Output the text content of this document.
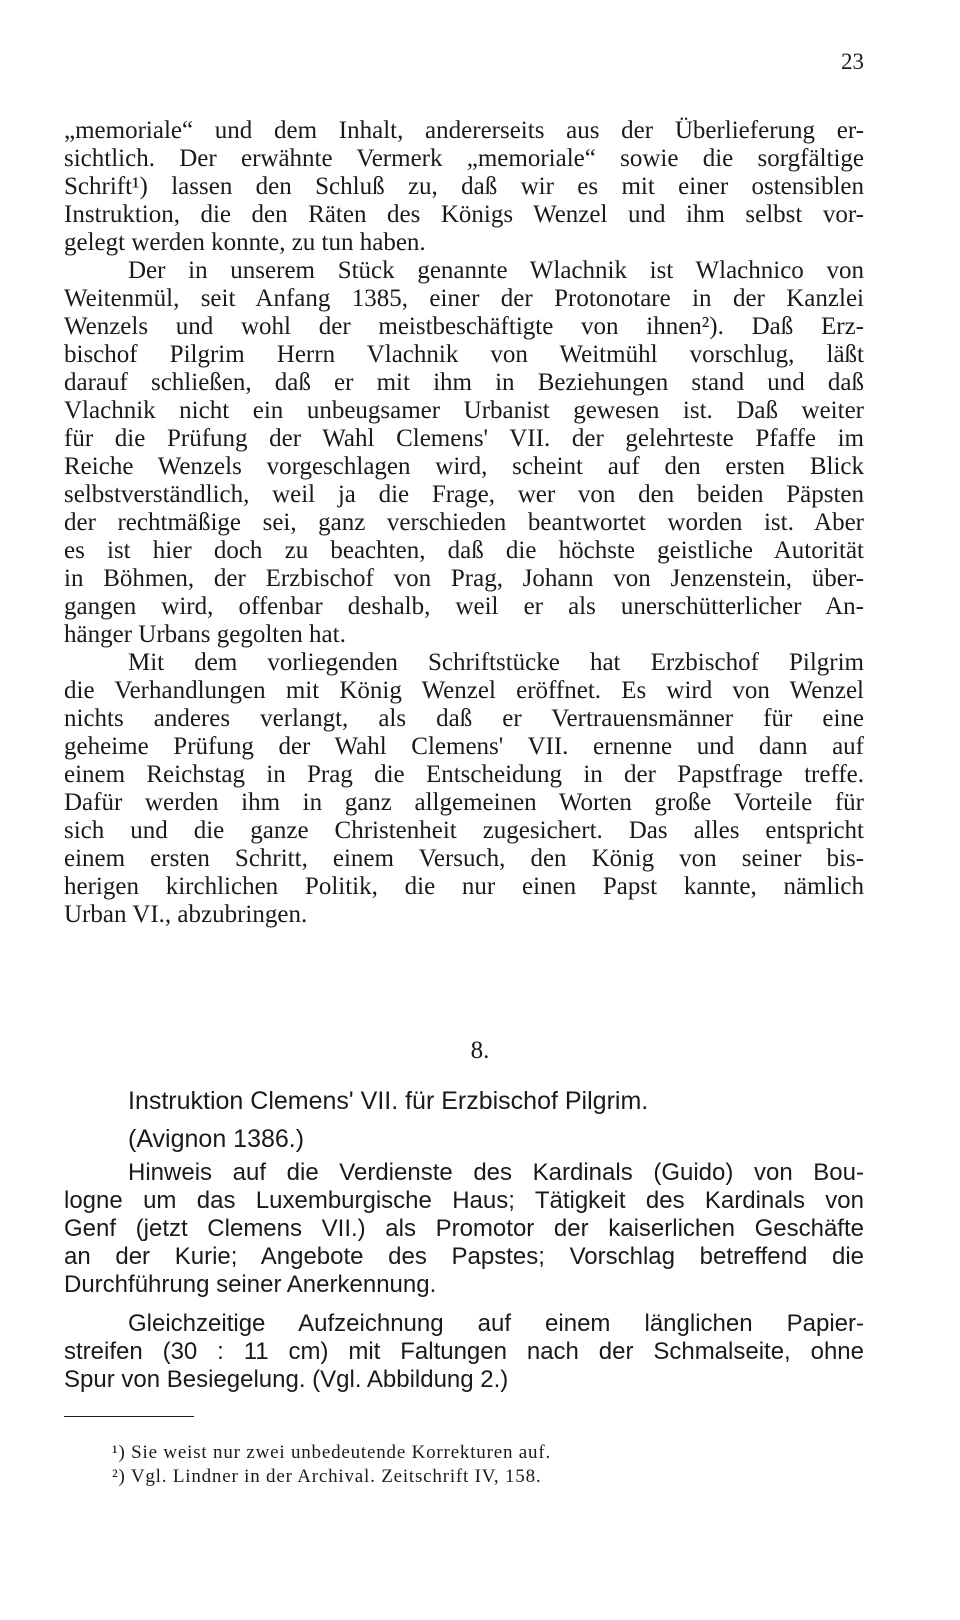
23
„memoriale“ und dem Inhalt, andererseits aus der Überlieferung er-
sichtlich. Der erwähnte Vermerk „memoriale“ sowie die sorgfältige
Schrift¹) lassen den Schluß zu, daß wir es mit einer ostensiblen
Instruktion, die den Räten des Königs Wenzel und ihm selbst vor-
gelegt werden konnte, zu tun haben.
Der in unserem Stück genannte Wlachnik ist Wlachnico von
Weitenmül, seit Anfang 1385, einer der Protonotare in der Kanzlei
Wenzels und wohl der meistbeschäftigte von ihnen²). Daß Erz-
bischof Pilgrim Herrn Vlachnik von Weitmühl vorschlug, läßt
darauf schließen, daß er mit ihm in Beziehungen stand und daß
Vlachnik nicht ein unbeugsamer Urbanist gewesen ist. Daß weiter
für die Prüfung der Wahl Clemens' VII. der gelehrteste Pfaffe im
Reiche Wenzels vorgeschlagen wird, scheint auf den ersten Blick
selbstverständlich, weil ja die Frage, wer von den beiden Päpsten
der rechtmäßige sei, ganz verschieden beantwortet worden ist. Aber
es ist hier doch zu beachten, daß die höchste geistliche Autorität
in Böhmen, der Erzbischof von Prag, Johann von Jenzenstein, über-
gangen wird, offenbar deshalb, weil er als unerschütterlicher An-
hänger Urbans gegolten hat.
Mit dem vorliegenden Schriftstücke hat Erzbischof Pilgrim
die Verhandlungen mit König Wenzel eröffnet. Es wird von Wenzel
nichts anderes verlangt, als daß er Vertrauensmänner für eine
geheime Prüfung der Wahl Clemens' VII. ernenne und dann auf
einem Reichstag in Prag die Entscheidung in der Papstfrage treffe.
Dafür werden ihm in ganz allgemeinen Worten große Vorteile für
sich und die ganze Christenheit zugesichert. Das alles entspricht
einem ersten Schritt, einem Versuch, den König von seiner bis-
herigen kirchlichen Politik, die nur einen Papst kannte, nämlich
Urban VI., abzubringen.
8.
Instruktion Clemens' VII. für Erzbischof Pilgrim.
(Avignon 1386.)
Hinweis auf die Verdienste des Kardinals (Guido) von Bou-
logne um das Luxemburgische Haus; Tätigkeit des Kardinals von
Genf (jetzt Clemens VII.) als Promotor der kaiserlichen Geschäfte
an der Kurie; Angebote des Papstes; Vorschlag betreffend die
Durchführung seiner Anerkennung.
Gleichzeitige Aufzeichnung auf einem länglichen Papier-
streifen (30 : 11 cm) mit Faltungen nach der Schmalseite, ohne
Spur von Besiegelung. (Vgl. Abbildung 2.)
¹) Sie weist nur zwei unbedeutende Korrekturen auf.
²) Vgl. Lindner in der Archival. Zeitschrift IV, 158.
